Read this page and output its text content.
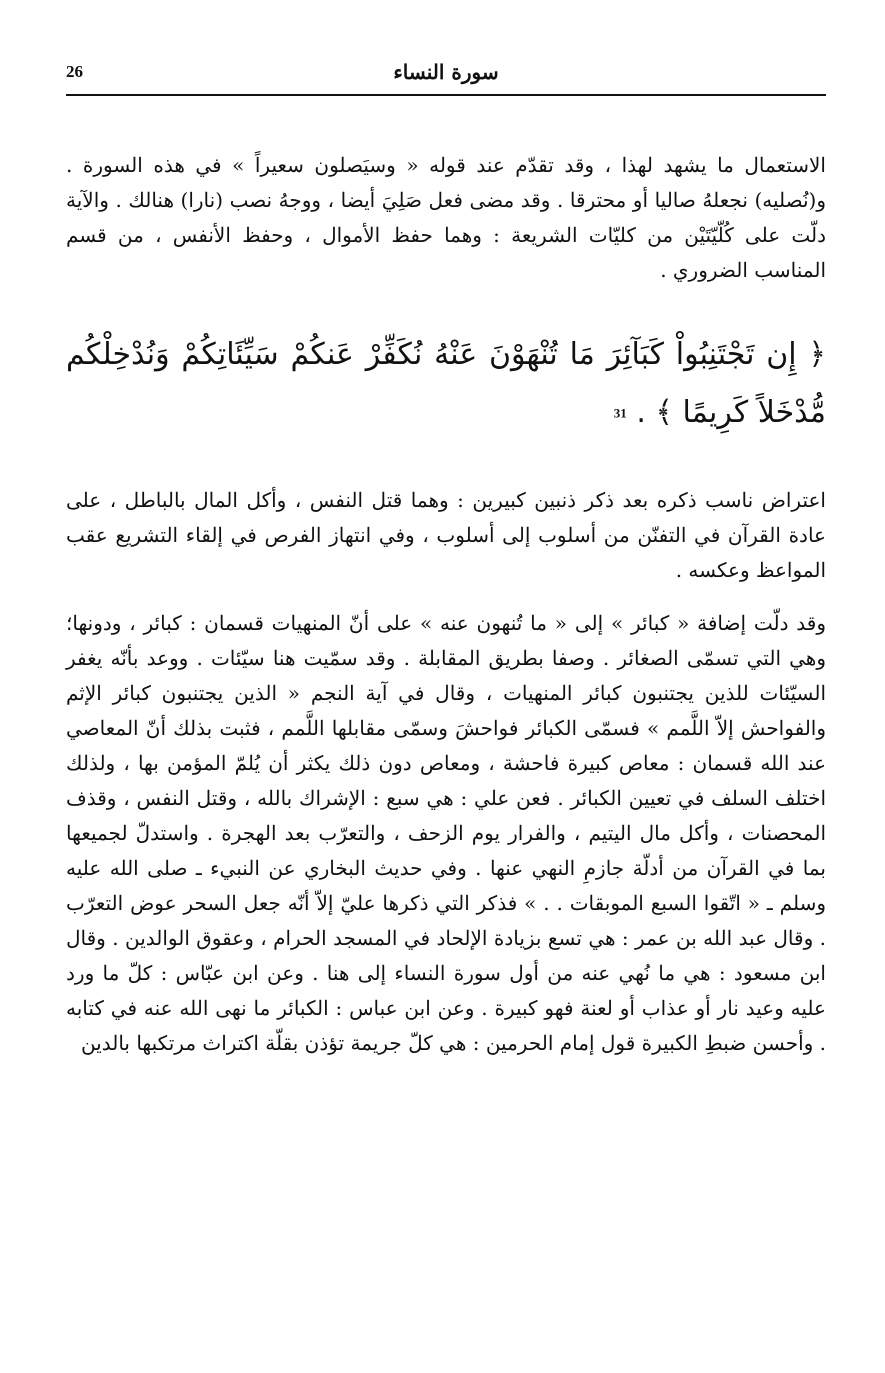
26	سورة النساء

الاستعمال ما يشهد لهذا ، وقد تقدّم عند قوله « وسيَصلون سعيراً » في هذه السورة . و(نُصليه) نجعلهُ صاليا أو محترقا . وقد مضى فعل صَلِيَ أيضا ، ووجهُ نصب (نارا) هنالك . والآية دلّت على كُلّيّتَيْن من كليّات الشريعة : وهما حفظ الأموال ، وحفظ الأنفس ، من قسم المناسب الضروري .

﴿ إِن تَجْتَنِبُواْ كَبَآئِرَ مَا تُنْهَوْنَ عَنْهُ نُكَفِّرْ عَنكُمْ سَيِّئَاتِكُمْ وَنُدْخِلْكُم مُّدْخَلاً كَرِيمًا ﴾ . 31

اعتراض ناسب ذكره بعد ذكر ذنبين كبيرين : وهما قتل النفس ، وأكل المال بالباطل ، على عادة القرآن في التفنّن من أسلوب إلى أسلوب ، وفي انتهاز الفرص في إلقاء التشريع عقب المواعظ وعكسه .

وقد دلّت إضافة « كبائر » إلى « ما تُنهون عنه » على أنّ المنهيات قسمان : كبائر ، ودونها؛وهي التي تسمّى الصغائر . وصفا بطريق المقابلة . وقد سمّيت هنا سيّئات . ووعد بأنّه يغفر السيّئات للذين يجتنبون كبائر المنهيات ، وقال في آية النجم « الذين يجتنبون كبائر الإثم والفواحش إلاّ اللَّمم » فسمّى الكبائر فواحشَ وسمّى مقابلها اللَّمم ، فثبت بذلك أنّ المعاصي عند الله قسمان : معاص كبيرة فاحشة ، ومعاص دون ذلك يكثر أن يُلمّ المؤمن بها ، ولذلك اختلف السلف في تعيين الكبائر . فعن علي : هي سبع : الإشراك بالله ، وقتل النفس ، وقذف المحصنات ، وأكل مال اليتيم ، والفرار يوم الزحف ، والتعرّب بعد الهجرة . واستدلّ لجميعها بما في القرآن من أدلّة جازمِ النهي عنها . وفي حديث البخاري عن النبيء ـ صلى الله عليه وسلم ـ « اتّقوا السبع الموبقات . . » فذكر التي ذكرها عليّ إلاّ أنّه جعل السحر عوض التعرّب . وقال عبد الله بن عمر : هي تسع بزيادة الإلحاد في المسجد الحرام ، وعقوق الوالدين . وقال ابن مسعود : هي ما نُهي عنه من أول سورة النساء إلى هنا . وعن ابن عبّاس : كلّ ما ورد عليه وعيد نار أو عذاب أو لعنة فهو كبيرة . وعن ابن عباس : الكبائر ما نهى الله عنه في كتابه . وأحسن ضبطِ الكبيرة قول إمام الحرمين : هي كلّ جريمة تؤذن بقلّة اكتراث مرتكبها بالدين
